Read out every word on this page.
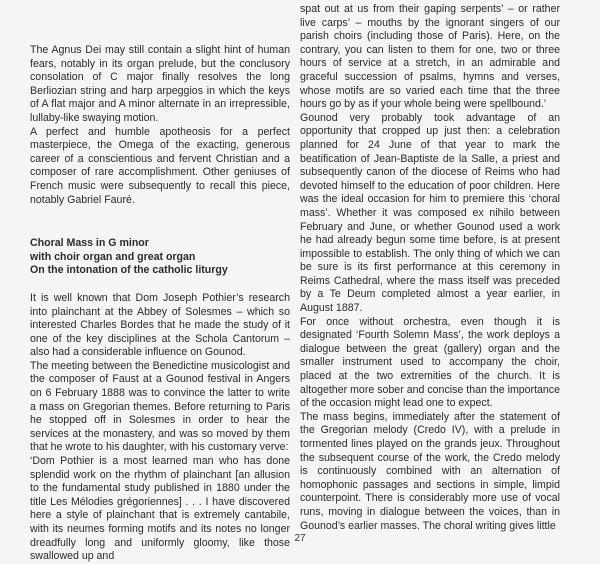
The Agnus Dei may still contain a slight hint of human fears, notably in its organ prelude, but the conclusory consolation of C major finally resolves the long Berliozian string and harp arpeggios in which the keys of A flat major and A minor alternate in an irrepressible, lullaby-like swaying motion.

A perfect and humble apotheosis for a perfect masterpiece, the Omega of the exacting, generous career of a conscientious and fervent Christian and a composer of rare accomplishment. Other geniuses of French music were subsequently to recall this piece, notably Gabriel Fauré.

Choral Mass in G minor
with choir organ and great organ
On the intonation of the catholic liturgy

It is well known that Dom Joseph Pothier’s research into plainchant at the Abbey of Solesmes – which so interested Charles Bordes that he made the study of it one of the key disciplines at the Schola Cantorum – also had a considerable influence on Gounod.

The meeting between the Benedictine musicologist and the composer of Faust at a Gounod festival in Angers on 6 February 1888 was to convince the latter to write a mass on Gregorian themes. Before returning to Paris he stopped off in Solesmes in order to hear the services at the monastery, and was so moved by them that he wrote to his daughter, with his customary verve:

‘Dom Pothier is a most learned man who has done splendid work on the rhythm of plainchant [an allusion to the fundamental study published in 1880 under the title Les Mélodies grégoriennes] . . . I have discovered here a style of plainchant that is extremely cantabile, with its neumes forming motifs and its notes no longer dreadfully long and uniformly gloomy, like those swallowed up and

spat out at us from their gaping serpents’ – or rather live carps’ – mouths by the ignorant singers of our parish choirs (including those of Paris). Here, on the contrary, you can listen to them for one, two or three hours of service at a stretch, in an admirable and graceful succession of psalms, hymns and verses, whose motifs are so varied each time that the three hours go by as if your whole being were spellbound.’

Gounod very probably took advantage of an opportunity that cropped up just then: a celebration planned for 24 June of that year to mark the beatification of Jean-Baptiste de la Salle, a priest and subsequently canon of the diocese of Reims who had devoted himself to the education of poor children. Here was the ideal occasion for him to premiere this ‘choral mass’. Whether it was composed ex nihilo between February and June, or whether Gounod used a work he had already begun some time before, is at present impossible to establish. The only thing of which we can be sure is its first performance at this ceremony in Reims Cathedral, where the mass itself was preceded by a Te Deum completed almost a year earlier, in August 1887.

For once without orchestra, even though it is designated ‘Fourth Solemn Mass’, the work deploys a dialogue between the great (gallery) organ and the smaller instrument used to accompany the choir, placed at the two extremities of the church. It is altogether more sober and concise than the importance of the occasion might lead one to expect.

The mass begins, immediately after the statement of the Gregorian melody (Credo IV), with a prelude in tormented lines played on the grands jeux. Throughout the subsequent course of the work, the Credo melody is continuously combined with an alternation of homophonic passages and sections in simple, limpid counterpoint. There is considerably more use of vocal runs, moving in dialogue between the voices, than in Gounod’s earlier masses. The choral writing gives little

27
